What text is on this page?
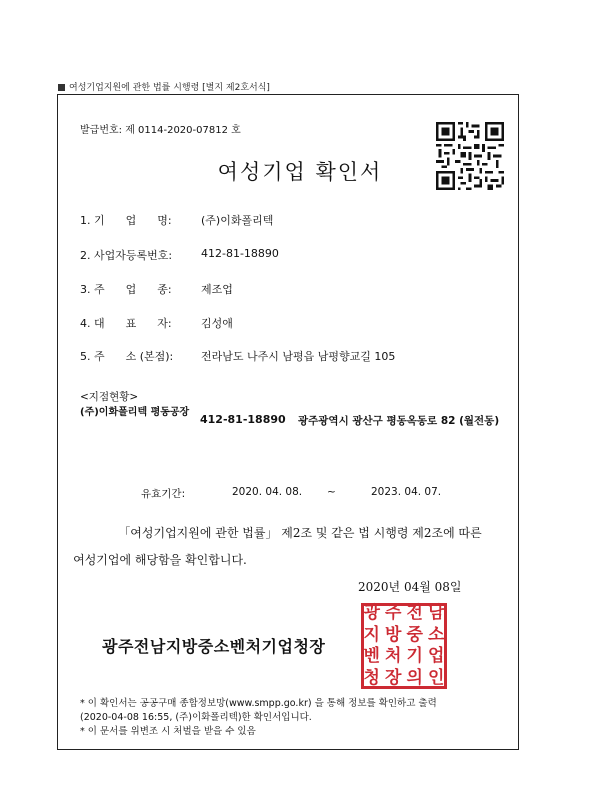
여성기업지원에 관한 법률 시행령 [별지 제2호서식]
발급번호: 제 0114-2020-07812 호
여성기업 확인서
1. 기      업      명:	(주)이화폴리텍
2. 사업자등록번호:	412-81-18890
3. 주      업      종:	제조업
4. 대      표      자:	김성애
5. 주      소 (본점):	전라남도 나주시 남평읍 남평향교길 105
<지점현황>
(주)이화폴리텍 평동공장
412-81-18890 광주광역시 광산구 평동옥동로 82 (월전동)
유효기간:	2020. 04. 08. ~	2023. 04. 07.
「여성기업지원에 관한 법률」 제2조 및 같은 법 시행령 제2조에 따른
여성기업에 해당함을 확인합니다.
2020년 04월 08일
광주전남지방중소벤처기업청장
광 주 전 남
지 방 중 소
벤 처 기 업
청 장 의 인
* 이 확인서는 공공구매 종합정보망(www.smpp.go.kr) 을 통해 정보를 확인하고 출력
(2020-04-08 16:55, (주)이화폴리텍)한 확인서입니다.
* 이 문서를 위변조 시 처벌을 받을 수 있음
